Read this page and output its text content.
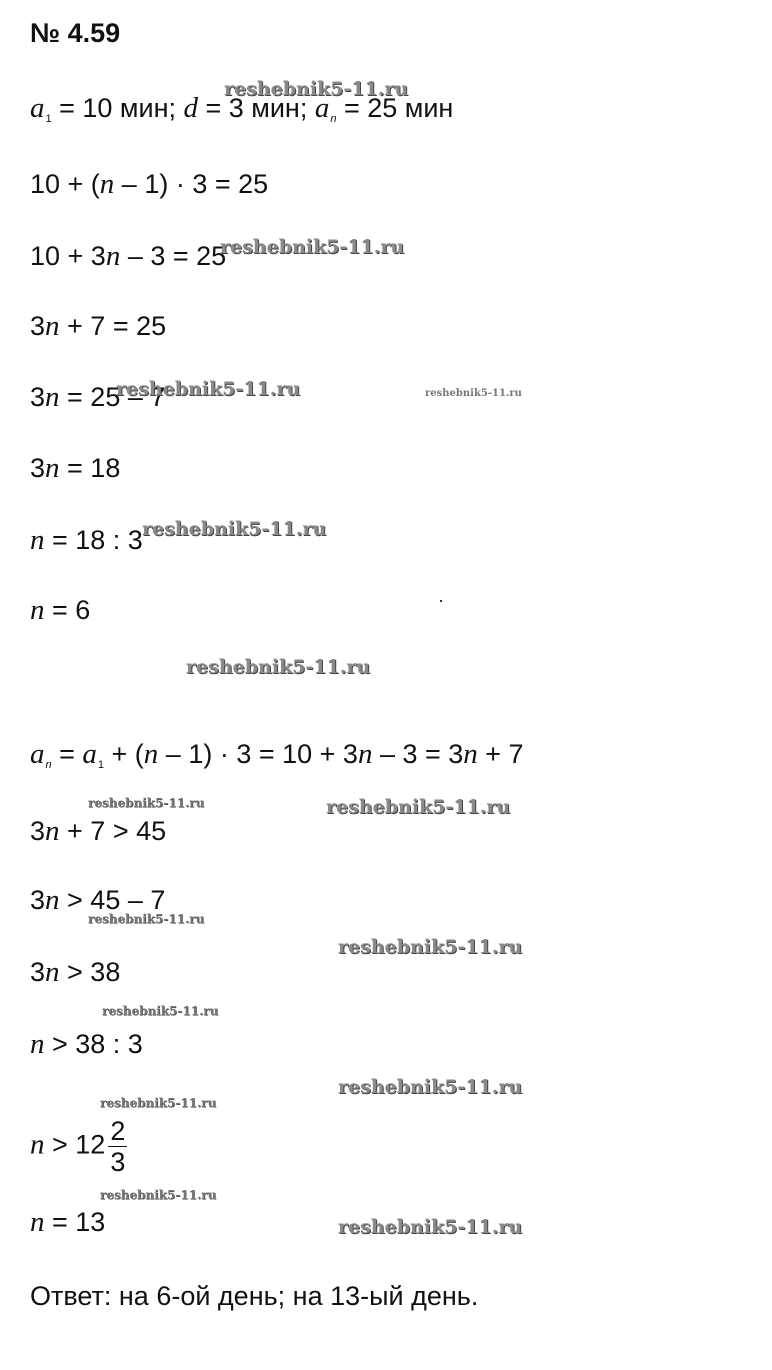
№ 4.59
$a_1 = 10$ мин; d = 3 мин; $a_n = 25$ мин
10 + (n – 1) · 3 = 25
10 + 3n – 3 = 25
3n + 7 = 25
3n = 25 – 7
3n = 18
n = 18 : 3
n = 6
$a_n = a_1 + (n - 1) \cdot 3 = 10 + 3n - 3 = 3n + 7$
3n + 7 > 45
3n > 45 – 7
3n > 38
n > 38 : 3
$n > 12 \frac{2}{3}$
n = 13
Ответ: на 6-ой день; на 13-ый день.
reshebnik5-11.ru
reshebnik5-11.ru
reshebnik5-11.ru	reshebnik5-11.ru
reshebnik5-11.ru
reshebnik5-11.ru
reshebnik5-11.ru	reshebnik5-11.ru
reshebnik5-11.ru
reshebnik5-11.ru
reshebnik5-11.ru
reshebnik5-11.ru
reshebnik5-11.ru
reshebnik5-11.ru
reshebnik5-11.ru
